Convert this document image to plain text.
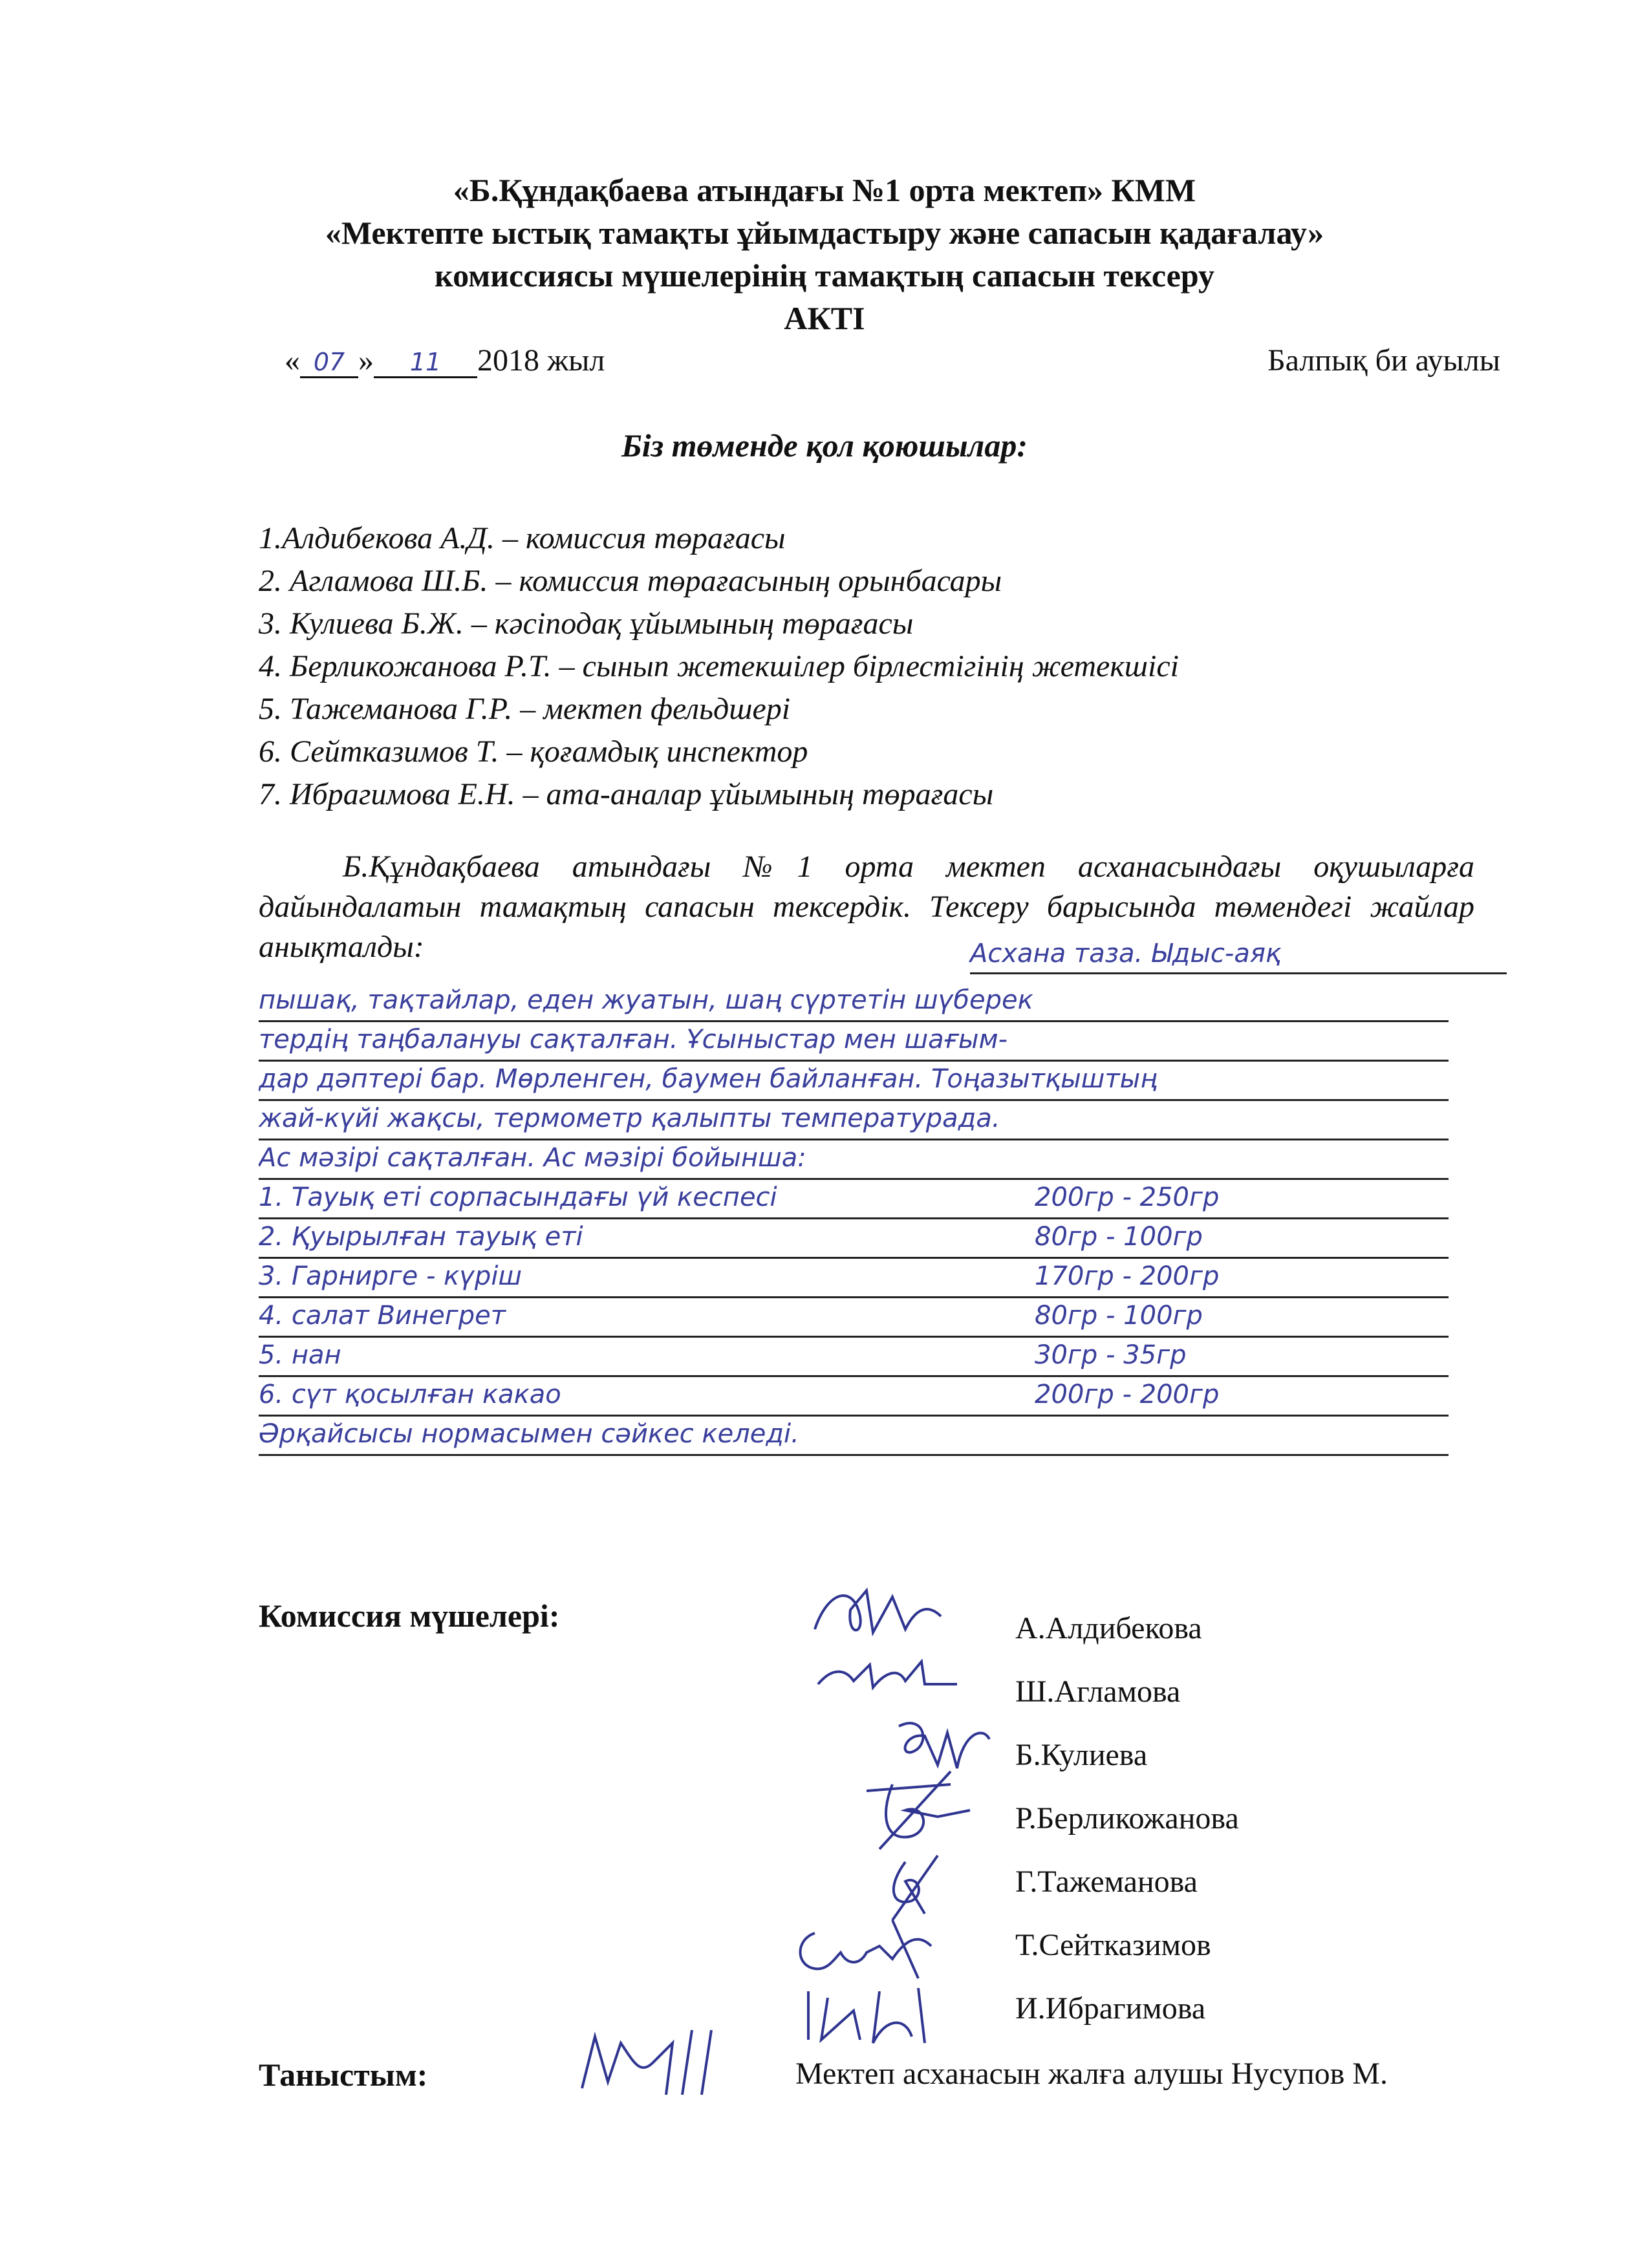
«Б.Құндақбаева атындағы №1 орта мектеп» КММ
«Мектепте ыстық тамақты ұйымдастыру және сапасын қадағалау»
комиссиясы мүшелерінің тамақтың сапасын тексеру
АКТІ
« 07 » 11 2018 жыл	Балпық би ауылы
Біз төменде қол қоюшылар:
1.Алдибекова А.Д. – комиссия төрағасы
2. Агламова Ш.Б. – комиссия төрағасының орынбасары
3. Кулиева Б.Ж. – кәсіподақ ұйымының төрағасы
4. Берликожанова Р.Т. – сынып жетекшілер бірлестігінің жетекшісі
5. Тажеманова Г.Р. – мектеп фельдшері
6. Сейтказимов Т. – қоғамдық инспектор
7. Ибрагимова Е.Н. – ата-аналар ұйымының төрағасы
Б.Құндақбаева атындағы №1 орта мектеп асханасындағы оқушыларға дайындалатын тамақтың сапасын тексердік. Тексеру барысында төмендегі жайлар анықталды:	Асхана таза. Ыдыс-аяқ
пышақ, тақтайлар, еден жуатын, шаң сүртетін шүберек
тердің таңбалануы сақталған. Ұсыныстар мен шағым-
дар дәптері бар. Мөрленген, баумен байланған. Тоңазытқыштың
жай-күйі жақсы, термометр қалыпты температурада.
Ас мәзірі сақталған. Ас мәзірі бойынша:
1. Тауық еті сорпасындағы үй кеспесі	200гр - 250гр
2. Қуырылған тауық еті	80гр - 100гр
3. Гарнирге - күріш	170гр - 200гр
4. салат Винегрет	80гр - 100гр
5. нан	30гр - 35гр
6. сүт қосылған какао	200гр - 200гр
Әрқайсысы нормасымен сәйкес келеді.
Комиссия мүшелері:	А.Алдибекова
Ш.Агламова
Б.Кулиева
Р.Берликожанова
Г.Тажеманова
Т.Сейтказимов
И.Ибрагимова
Таныстым:	Мектеп асханасын жалға алушы Нусупов М.
